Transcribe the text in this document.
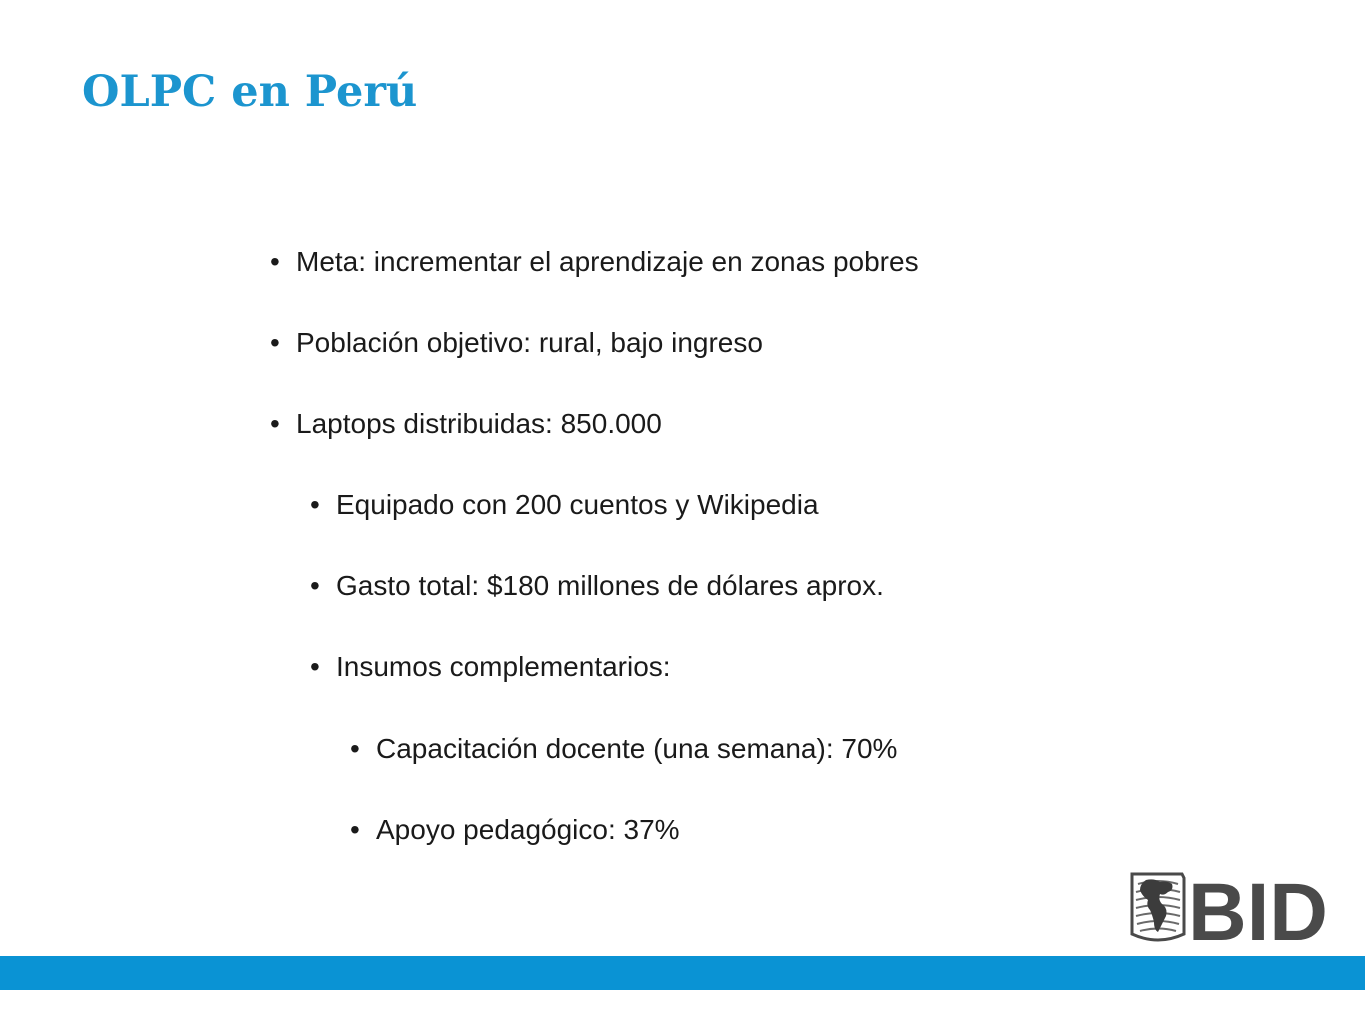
OLPC en Perú
• Meta: incrementar el aprendizaje en zonas pobres
• Población objetivo: rural, bajo ingreso
• Laptops distribuidas: 850.000
• Equipado con 200 cuentos y Wikipedia
• Gasto total: $180 millones de dólares aprox.
• Insumos complementarios:
• Capacitación docente (una semana): 70%
• Apoyo pedagógico: 37%
BID
